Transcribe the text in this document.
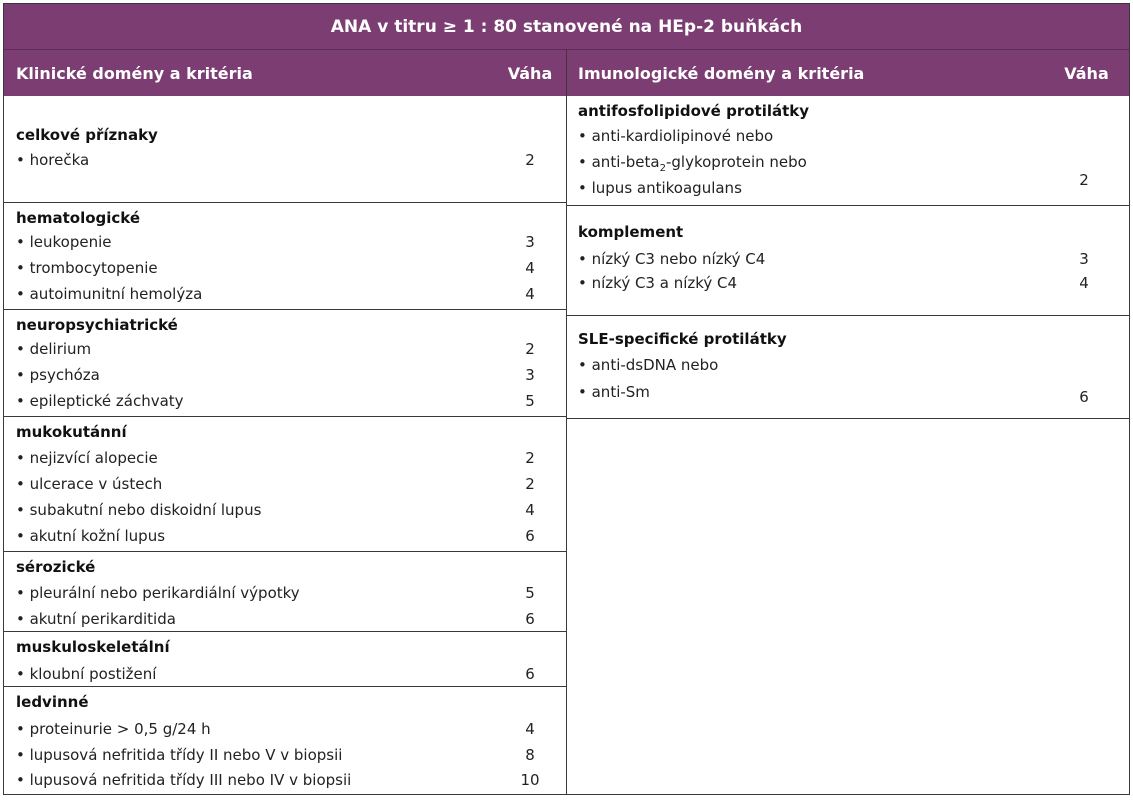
ANA v titru ≥ 1 : 80 stanovené na HEp-2 buňkách
Klinické domény a kritéria	Váha	Imunologické domény a kritéria	Váha
celkové příznaky
• horečka	2
hematologické
• leukopenie	3
• trombocytopenie	4
• autoimunitní hemolýza	4
neuropsychiatrické
• delirium	2
• psychóza	3
• epileptické záchvaty	5
mukokutánní
• nejizvící alopecie	2
• ulcerace v ústech	2
• subakutní nebo diskoidní lupus	4
• akutní kožní lupus	6
sérozické
• pleurální nebo perikardiální výpotky	5
• akutní perikarditida	6
muskuloskeletální
• kloubní postižení	6
ledvinné
• proteinurie > 0,5 g/24 h	4
• lupusová nefritida třídy II nebo V v biopsii	8
• lupusová nefritida třídy III nebo IV v biopsii	10
antifosfolipidové protilátky
• anti-kardiolipinové nebo
• anti-beta$_2$-glykoprotein nebo
• lupus antikoagulans	2
komplement
• nízký C3 nebo nízký C4	3
• nízký C3 a nízký C4	4
SLE-specifické protilátky
• anti-dsDNA nebo
• anti-Sm	6
